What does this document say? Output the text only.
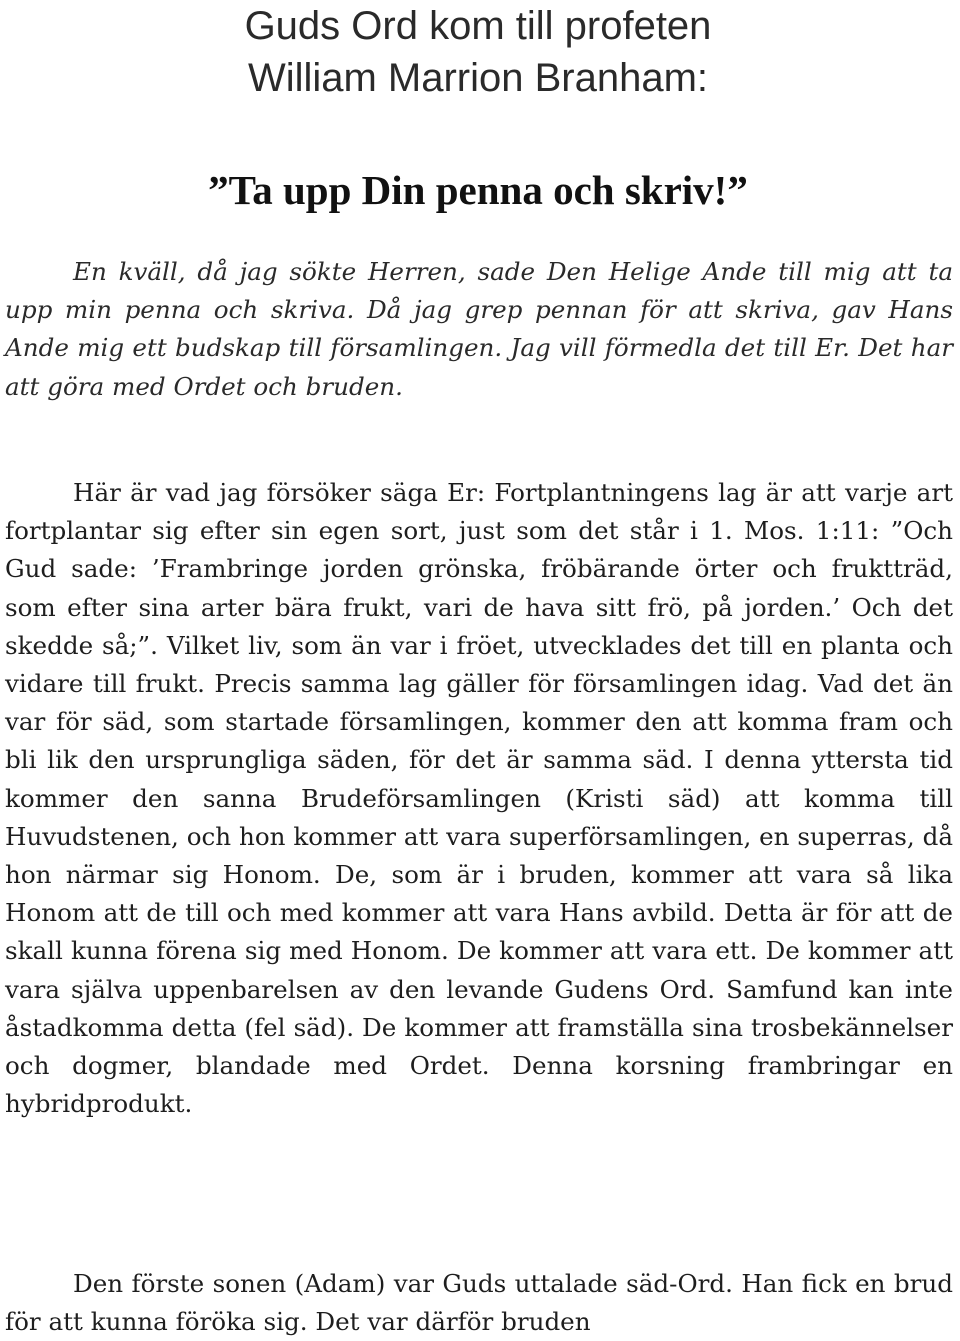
Guds Ord kom till profeten
William Marrion Branham:
”Ta upp Din penna och skriv!”

En kväll, då jag sökte Herren, sade Den Helige Ande till mig att ta upp min penna och skriva. Då jag grep pennan för att skriva, gav Hans Ande mig ett budskap till församlingen. Jag vill förmedla det till Er. Det har att göra med Ordet och bruden.

Här är vad jag försöker säga Er: Fortplantningens lag är att varje art fortplantar sig efter sin egen sort, just som det står i 1. Mos. 1:11: ”Och Gud sade: ’Frambringe jorden grönska, fröbärande örter och fruktträd, som efter sina arter bära frukt, vari de hava sitt frö, på jorden.’ Och det skedde så;”. Vilket liv, som än var i fröet, utvecklades det till en planta och vidare till frukt. Precis samma lag gäller för församlingen idag. Vad det än var för säd, som startade församlingen, kommer den att komma fram och bli lik den ursprungliga säden, för det är samma säd. I denna yttersta tid kommer den sanna Brudeförsamlingen (Kristi säd) att komma till Huvudstenen, och hon kommer att vara superförsamlingen, en superras, då hon närmar sig Honom. De, som är i bruden, kommer att vara så lika Honom att de till och med kommer att vara Hans avbild. Detta är för att de skall kunna förena sig med Honom. De kommer att vara ett. De kommer att vara själva uppenbarelsen av den levande Gudens Ord. Samfund kan inte åstadkomma detta (fel säd). De kommer att framställa sina trosbekännelser och dogmer, blandade med Ordet. Denna korsning frambringar en hybridprodukt.

Den förste sonen (Adam) var Guds uttalade säd-Ord. Han fick en brud för att kunna föröka sig. Det var därför bruden
